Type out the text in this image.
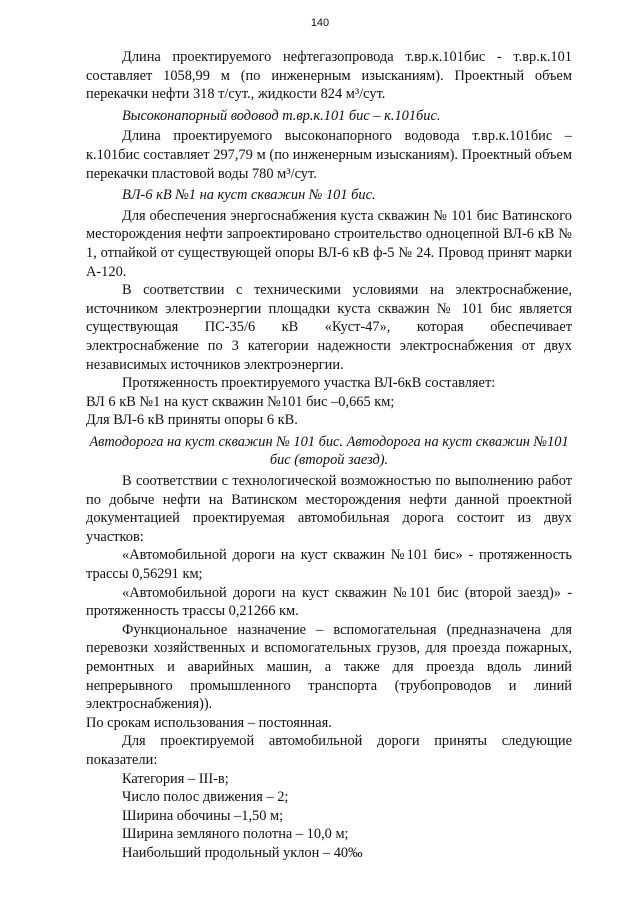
140

Длина проектируемого нефтегазопровода т.вр.к.101бис - т.вр.к.101 составляет 1058,99 м (по инженерным изысканиям). Проектный объем перекачки нефти 318 т/сут., жидкости 824 м³/сут.

Высоконапорный водовод т.вр.к.101 бис – к.101бис.

Длина проектируемого высоконапорного водовода т.вр.к.101бис – к.101бис составляет 297,79 м (по инженерным изысканиям). Проектный объем перекачки пластовой воды 780 м³/сут.

ВЛ-6 кВ №1 на куст скважин № 101 бис.

Для обеспечения энергоснабжения куста скважин № 101 бис Ватинского месторождения нефти запроектировано строительство одноцепной ВЛ-6 кВ № 1, отпайкой от существующей опоры ВЛ-6 кВ ф-5 № 24. Провод принят марки А-120.

В соответствии с техническими условиями на электроснабжение, источником электроэнергии площадки куста скважин № 101 бис является существующая ПС-35/6 кВ «Куст-47», которая обеспечивает электроснабжение по 3 категории надежности электроснабжения от двух независимых источников электроэнергии.

Протяженность проектируемого участка ВЛ-6кВ составляет:

ВЛ 6 кВ №1 на куст скважин №101 бис –0,665 км;

Для ВЛ-6 кВ приняты опоры 6 кВ.

Автодорога на куст скважин № 101 бис. Автодорога на куст скважин №101 бис (второй заезд).

В соответствии с технологической возможностью по выполнению работ по добыче нефти на Ватинском месторождения нефти данной проектной документацией проектируемая автомобильная дорога состоит из двух участков:

«Автомобильной дороги на куст скважин №101 бис» - протяженность трассы 0,56291 км;

«Автомобильной дороги на куст скважин №101 бис (второй заезд)» - протяженность трассы 0,21266 км.

Функциональное назначение – вспомогательная (предназначена для перевозки хозяйственных и вспомогательных грузов, для проезда пожарных, ремонтных и аварийных машин, а также для проезда вдоль линий непрерывного промышленного транспорта (трубопроводов и линий электроснабжения)).

По срокам использования – постоянная.

Для проектируемой автомобильной дороги приняты следующие показатели:

Категория – III-в;

Число полос движения – 2;

Ширина обочины –1,50 м;

Ширина земляного полотна – 10,0 м;

Наибольший продольный уклон – 40‰
